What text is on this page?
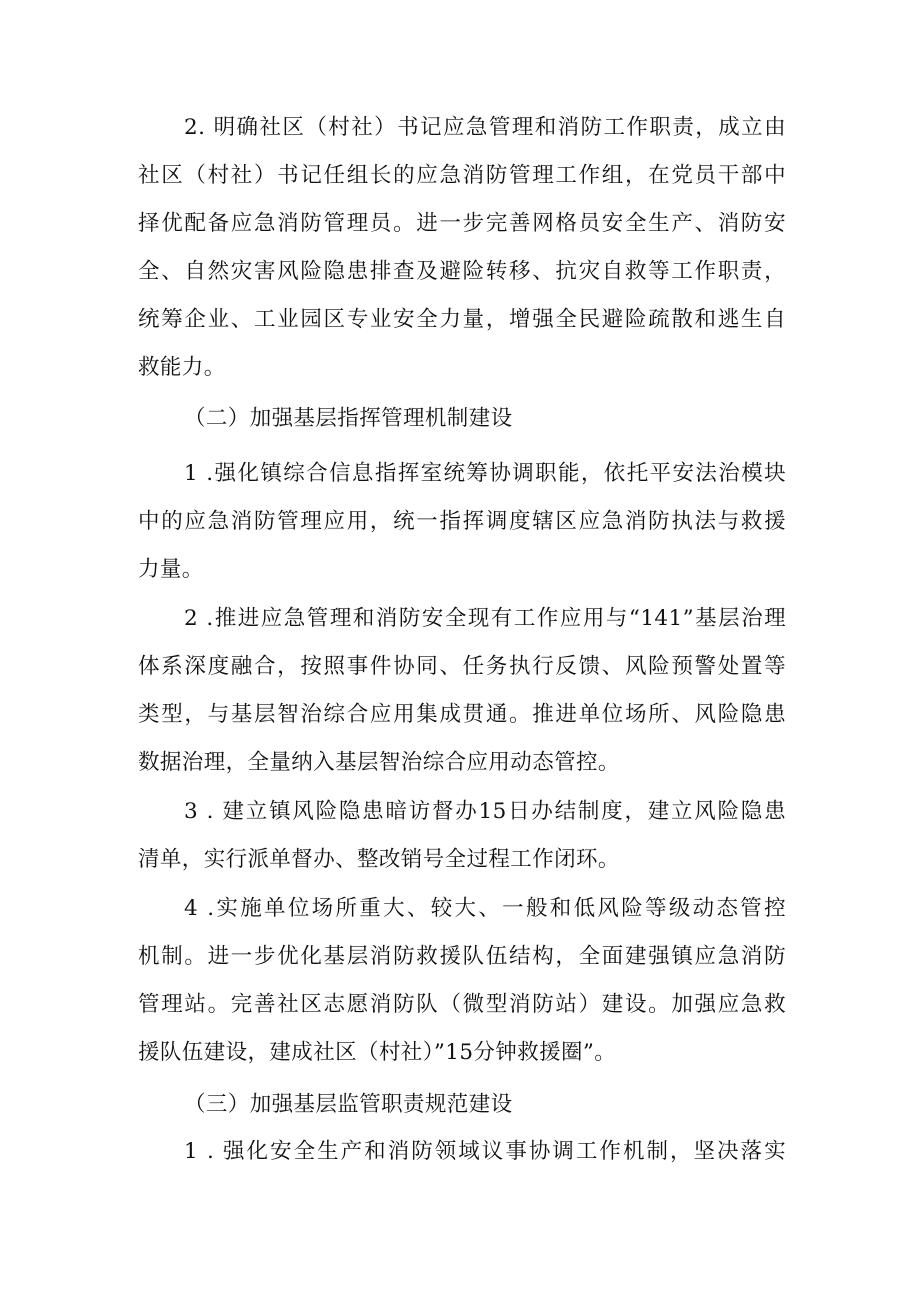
2. 明确社区（村社）书记应急管理和消防工作职责，成立由
社区（村社）书记任组长的应急消防管理工作组，在党员干部中
择优配备应急消防管理员。进一步完善网格员安全生产、消防安
全、自然灾害风险隐患排查及避险转移、抗灾自救等工作职责，
统筹企业、工业园区专业安全力量，增强全民避险疏散和逃生自
救能力。
（二）加强基层指挥管理机制建设
1 .强化镇综合信息指挥室统筹协调职能，依托平安法治模块
中的应急消防管理应用，统一指挥调度辖区应急消防执法与救援
力量。
2 .推进应急管理和消防安全现有工作应用与“141”基层治理
体系深度融合，按照事件协同、任务执行反馈、风险预警处置等
类型，与基层智治综合应用集成贯通。推进单位场所、风险隐患
数据治理，全量纳入基层智治综合应用动态管控。
3 . 建立镇风险隐患暗访督办15日办结制度，建立风险隐患
清单，实行派单督办、整改销号全过程工作闭环。
4 .实施单位场所重大、较大、一般和低风险等级动态管控
机制。进一步优化基层消防救援队伍结构，全面建强镇应急消防
管理站。完善社区志愿消防队（微型消防站）建设。加强应急救
援队伍建设，建成社区（村社）”15分钟救援圈”。
（三）加强基层监管职责规范建设
1 . 强化安全生产和消防领域议事协调工作机制，坚决落实
